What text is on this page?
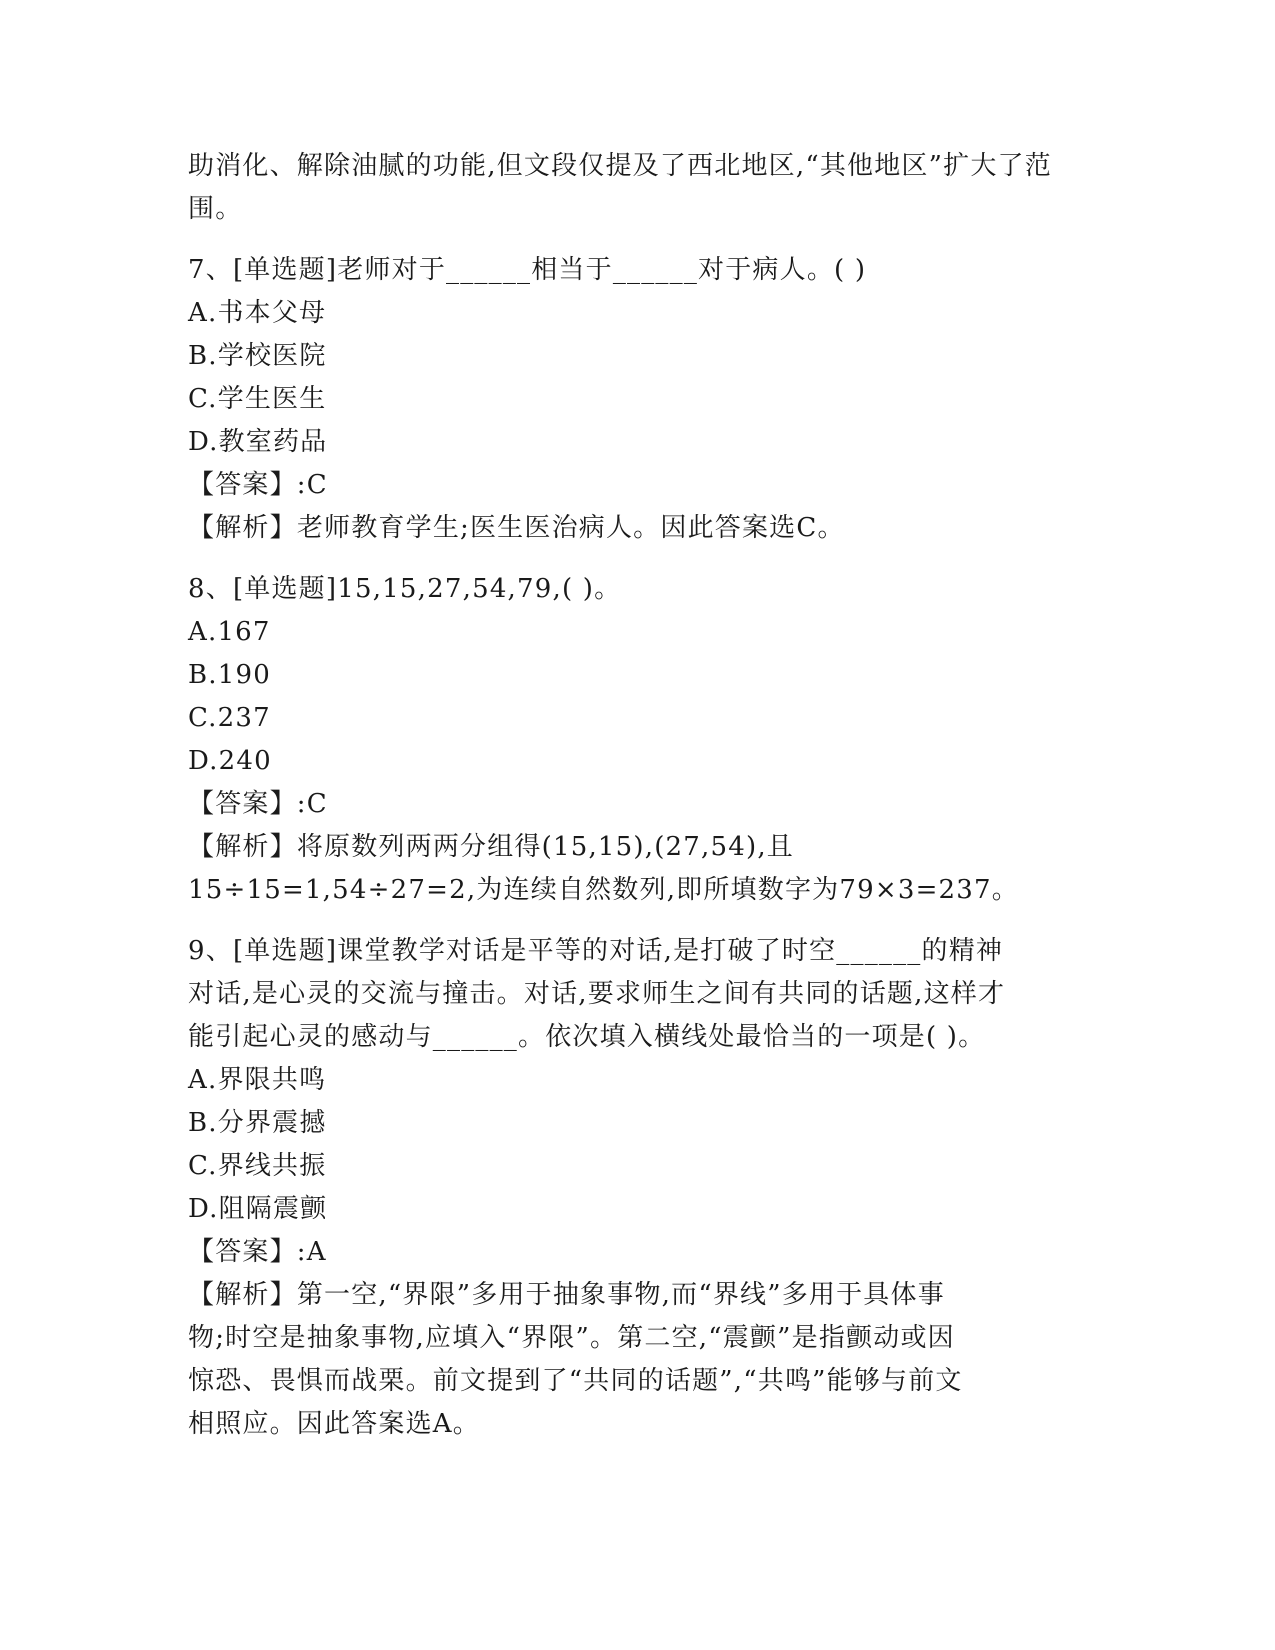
助消化、解除油腻的功能,但文段仅提及了西北地区,“其他地区”扩大了范围。

7、[单选题]老师对于______相当于______对于病人。( )

A.书本父母

B.学校医院

C.学生医生

D.教室药品

【答案】:C

【解析】老师教育学生;医生医治病人。因此答案选C。

8、[单选题]15,15,27,54,79,( )。

A.167

B.190

C.237

D.240

【答案】:C

【解析】将原数列两两分组得(15,15),(27,54),且

15÷15=1,54÷27=2,为连续自然数列,即所填数字为79×3=237。

9、[单选题]课堂教学对话是平等的对话,是打破了时空______的精神

对话,是心灵的交流与撞击。对话,要求师生之间有共同的话题,这样才

能引起心灵的感动与______。依次填入横线处最恰当的一项是( )。

A.界限共鸣

B.分界震撼

C.界线共振

D.阻隔震颤

【答案】:A

【解析】第一空,“界限”多用于抽象事物,而“界线”多用于具体事

物;时空是抽象事物,应填入“界限”。第二空,“震颤”是指颤动或因

惊恐、畏惧而战栗。前文提到了“共同的话题”,“共鸣”能够与前文

相照应。因此答案选A。
